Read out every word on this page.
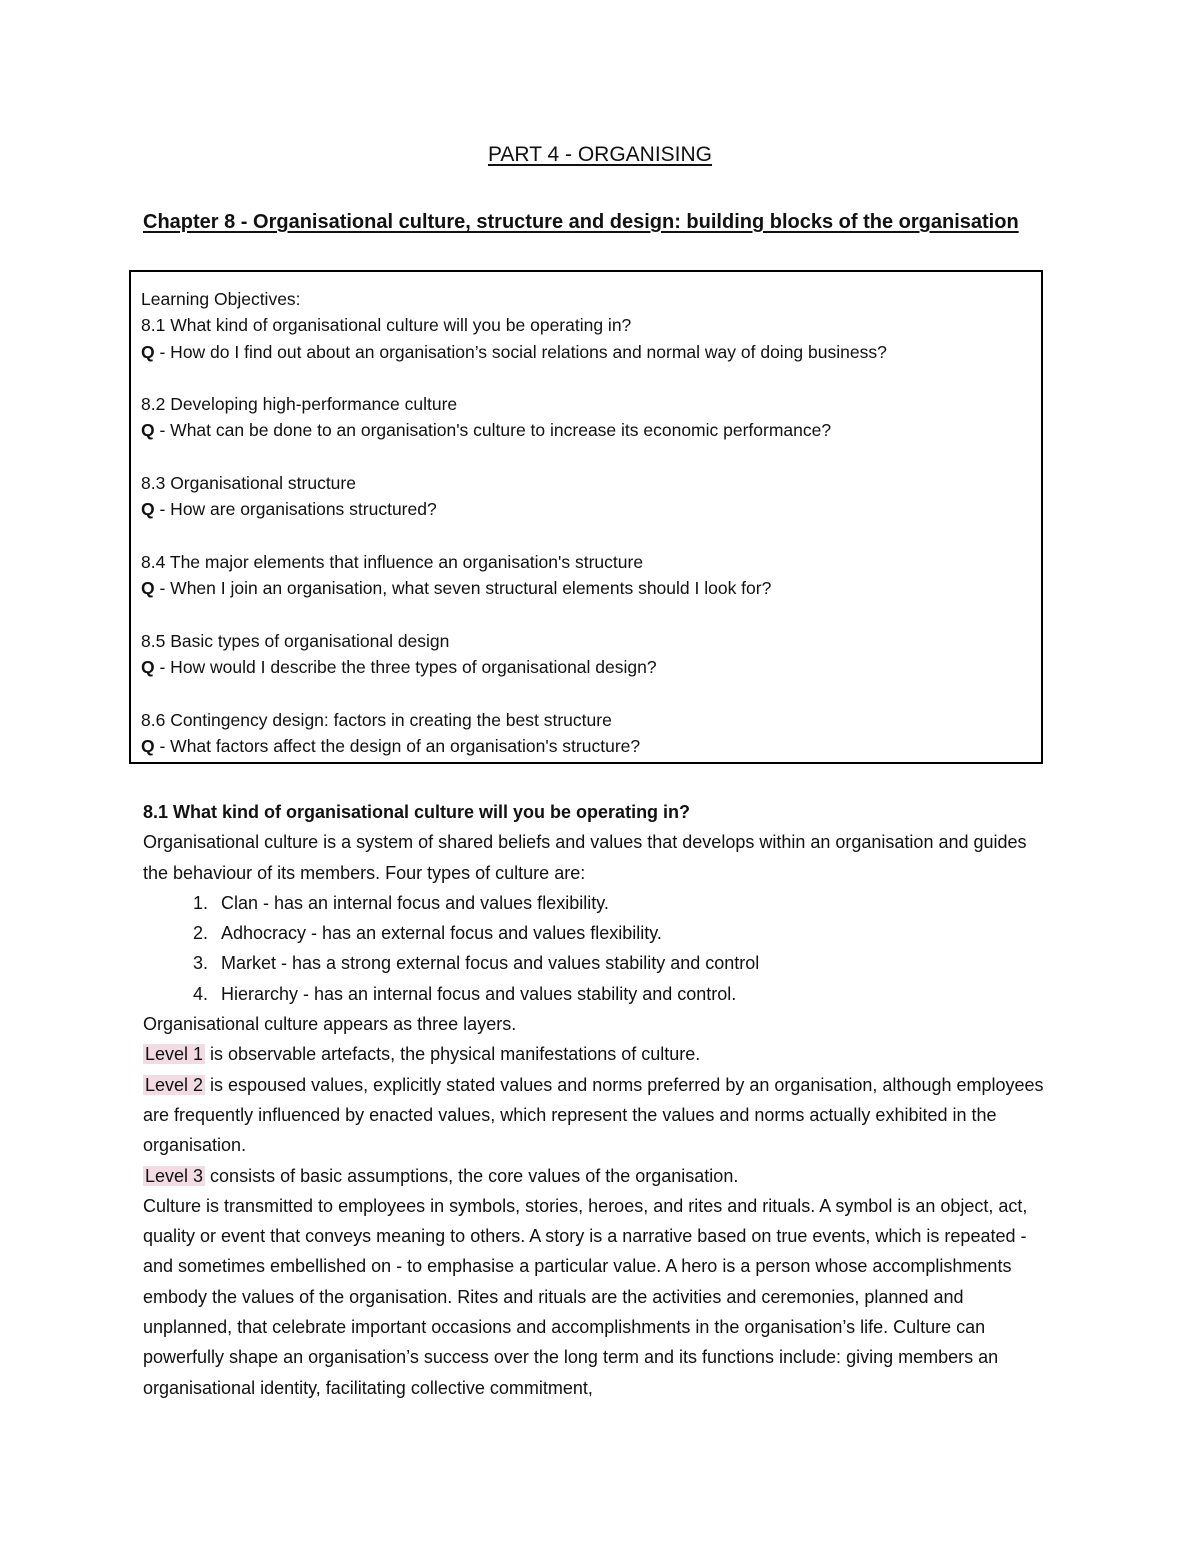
PART 4 - ORGANISING
Chapter 8 - Organisational culture, structure and design: building blocks of the organisation
Learning Objectives:
8.1 What kind of organisational culture will you be operating in?
Q - How do I find out about an organisation’s social relations and normal way of doing business?
8.2 Developing high-performance culture
Q - What can be done to an organisation's culture to increase its economic performance?
8.3 Organisational structure
Q - How are organisations structured?
8.4 The major elements that influence an organisation's structure
Q - When I join an organisation, what seven structural elements should I look for?
8.5 Basic types of organisational design
Q - How would I describe the three types of organisational design?
8.6 Contingency design: factors in creating the best structure
Q - What factors affect the design of an organisation's structure?
8.1 What kind of organisational culture will you be operating in?

Organisational culture is a system of shared beliefs and values that develops within an organisation and guides the behaviour of its members. Four types of culture are:

1. Clan - has an internal focus and values flexibility.
2. Adhocracy - has an external focus and values flexibility.
3. Market - has a strong external focus and values stability and control
4. Hierarchy - has an internal focus and values stability and control.

Organisational culture appears as three layers.

Level 1 is observable artefacts, the physical manifestations of culture.

Level 2 is espoused values, explicitly stated values and norms preferred by an organisation, although employees are frequently influenced by enacted values, which represent the values and norms actually exhibited in the organisation.

Level 3 consists of basic assumptions, the core values of the organisation.

Culture is transmitted to employees in symbols, stories, heroes, and rites and rituals. A symbol is an object, act, quality or event that conveys meaning to others. A story is a narrative based on true events, which is repeated - and sometimes embellished on - to emphasise a particular value. A hero is a person whose accomplishments embody the values of the organisation. Rites and rituals are the activities and ceremonies, planned and unplanned, that celebrate important occasions and accomplishments in the organisation’s life. Culture can powerfully shape an organisation’s success over the long term and its functions include: giving members an organisational identity, facilitating collective commitment,
